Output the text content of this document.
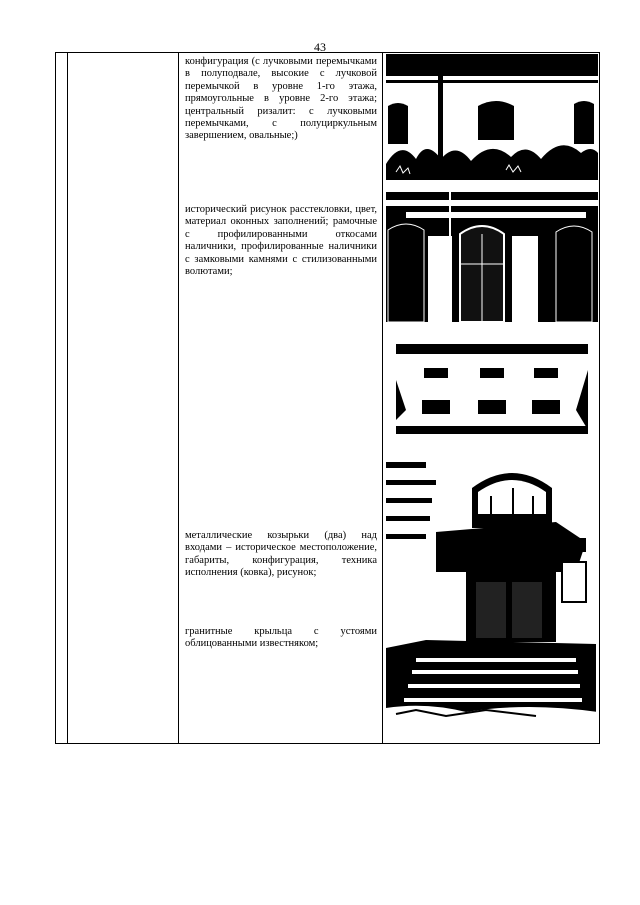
43
конфигурация (с лучковыми перемычками в полуподвале, высокие с лучковой перемычкой в уровне 1-го этажа, прямоугольные в уровне 2-го этажа; центральный ризалит: с лучковыми перемычками, с полуциркульным завершением, овальные;)
исторический рисунок расстекловки, цвет, материал оконных заполнений; рамочные с профилированными откосами наличники, профилированные наличники с замковыми камнями с стилизованными волютами;
металлические козырьки (два) над входами – историческое местоположение, габариты, конфигурация, техника исполнения (ковка), рисунок;
гранитные крыльца с устоями облицованными известняком;
